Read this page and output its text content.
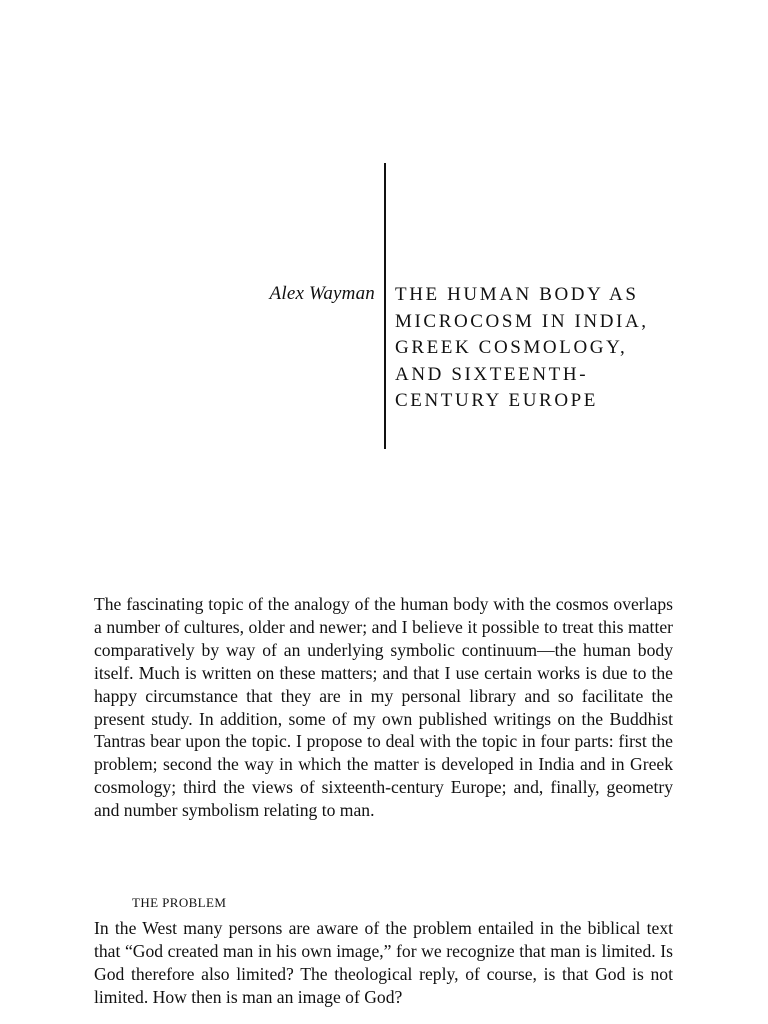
Alex Wayman THE HUMAN BODY AS
MICROCOSM IN INDIA,
GREEK COSMOLOGY,
AND SIXTEENTH-
CENTURY EUROPE

The fascinating topic of the analogy of the human body with the cosmos overlaps a number of cultures, older and newer; and I believe it possible to treat this matter comparatively by way of an underlying symbolic continuum—the human body itself. Much is written on these matters; and that I use certain works is due to the happy circumstance that they are in my personal library and so facilitate the present study. In addition, some of my own published writings on the Buddhist Tantras bear upon the topic. I propose to deal with the topic in four parts: first the problem; second the way in which the matter is developed in India and in Greek cosmology; third the views of sixteenth-century Europe; and, finally, geometry and number symbolism relating to man.

THE PROBLEM

In the West many persons are aware of the problem entailed in the biblical text that “God created man in his own image,” for we recognize that man is limited. Is God therefore also limited? The theological reply, of course, is that God is not limited. How then is man an image of God?
